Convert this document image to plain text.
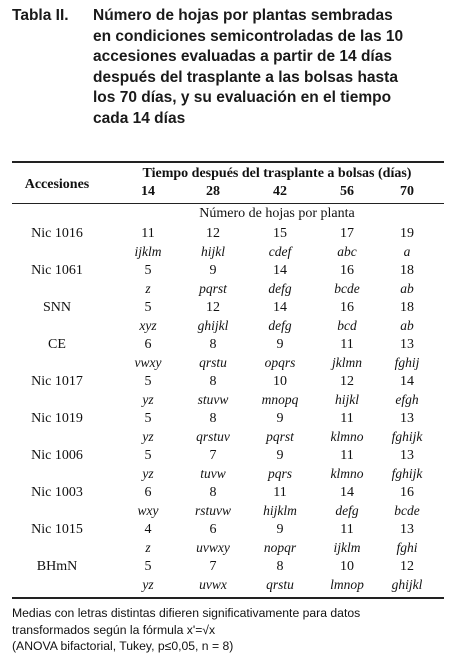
Tabla II. Número de hojas por plantas sembradas
en condiciones semicontroladas de las 10
accesiones evaluadas a partir de 14 días
después del trasplante a las bolsas hasta
los 70 días, y su evaluación en el tiempo
cada 14 días
Tiempo después del trasplante a bolsas (días)
Accesiones	14	28	42	56	70
Número de hojas por planta
Nic 1016	11	12	15	17	19
ijklm	hijkl	cdef	abc	a
Nic 1061	5	9	14	16	18
z	pqrst	defg	bcde	ab
SNN	5	12	14	16	18
xyz	ghijkl	defg	bcd	ab
CE	6	8	9	11	13
vwxy	qrstu	opqrs	jklmn	fghij
Nic 1017	5	8	10	12	14
yz	stuvw	mnopq	hijkl	efgh
Nic 1019	5	8	9	11	13
yz	qrstuv	pqrst	klmno	fghijk
Nic 1006	5	7	9	11	13
yz	tuvw	pqrs	klmno	fghijk
Nic 1003	6	8	11	14	16
wxy	rstuvw	hijklm	defg	bcde
Nic 1015	4	6	9	11	13
z	uvwxy	nopqr	ijklm	fghi
BHmN	5	7	8	10	12
yz	uvwx	qrstu	lmnop	ghijkl
Medias con letras distintas difieren significativamente para datos
transformados según la fórmula x'=√x
(ANOVA bifactorial, Tukey, p≤0,05, n = 8)
